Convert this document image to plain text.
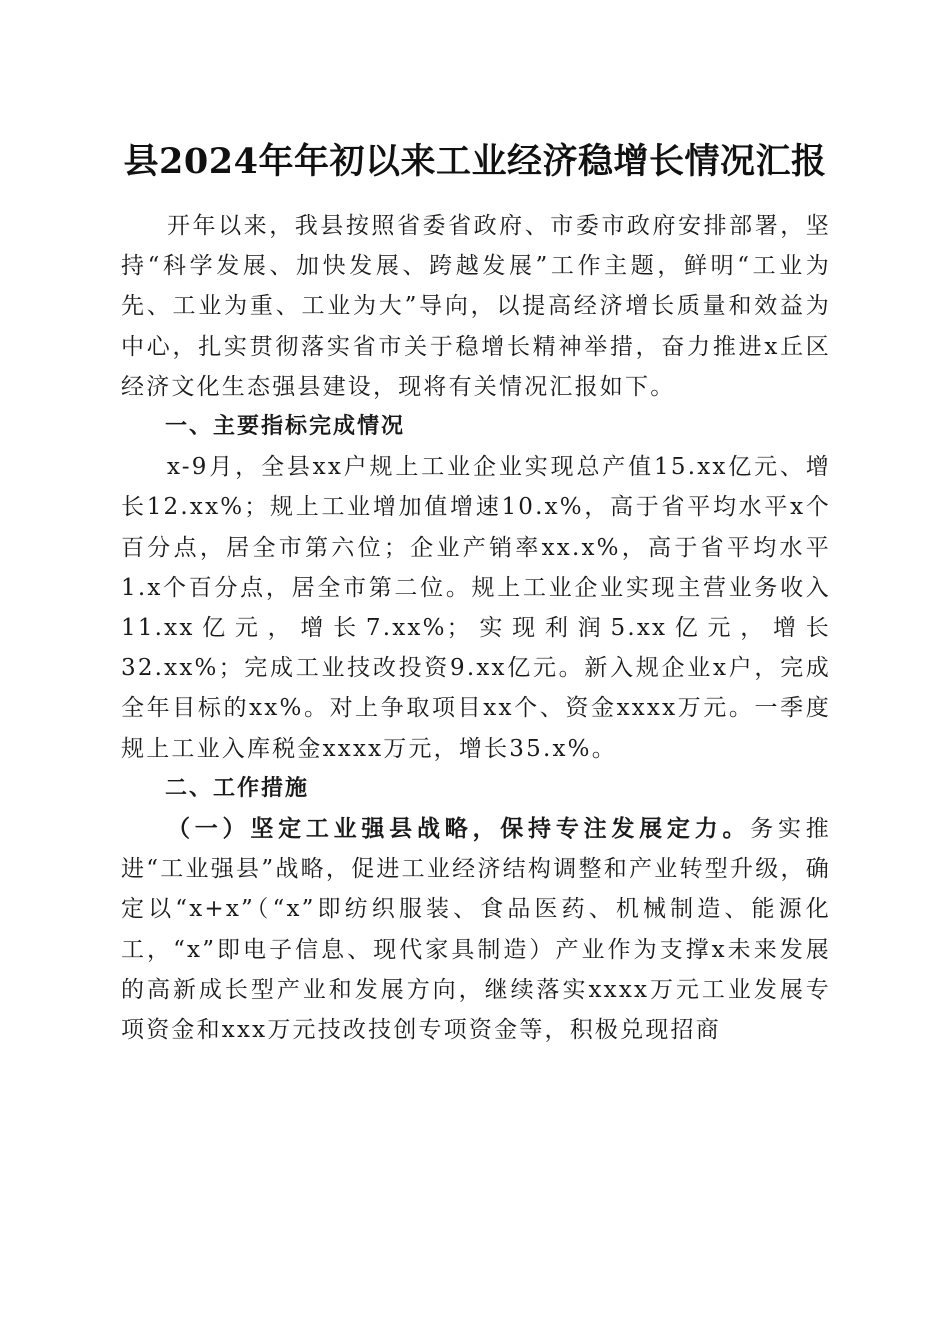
县2024年年初以来工业经济稳增长情况汇报

开年以来，我县按照省委省政府、市委市政府安排部署，坚持“科学发展、加快发展、跨越发展”工作主题，鲜明“工业为先、工业为重、工业为大”导向，以提高经济增长质量和效益为中心，扎实贯彻落实省市关于稳增长精神举措，奋力推进x丘区经济文化生态强县建设，现将有关情况汇报如下。

一、主要指标完成情况

x-9月，全县xx户规上工业企业实现总产值15.xx亿元、增长12.xx%；规上工业增加值增速10.x%，高于省平均水平x个百分点，居全市第六位；企业产销率xx.x%，高于省平均水平1.x个百分点，居全市第二位。规上工业企业实现主营业务收入11.xx亿元，增长7.xx%；实现利润5.xx亿元，增长32.xx%；完成工业技改投资9.xx亿元。新入规企业x户，完成全年目标的xx%。对上争取项目xx个、资金xxxx万元。一季度规上工业入库税金xxxx万元，增长35.x%。

二、工作措施

（一）坚定工业强县战略，保持专注发展定力。务实推进“工业强县”战略，促进工业经济结构调整和产业转型升级，确定以“x+x”（“x”即纺织服装、食品医药、机械制造、能源化工，“x”即电子信息、现代家具制造）产业作为支撑x未来发展的高新成长型产业和发展方向，继续落实xxxx万元工业发展专项资金和xxx万元技改技创专项资金等，积极兑现招商
